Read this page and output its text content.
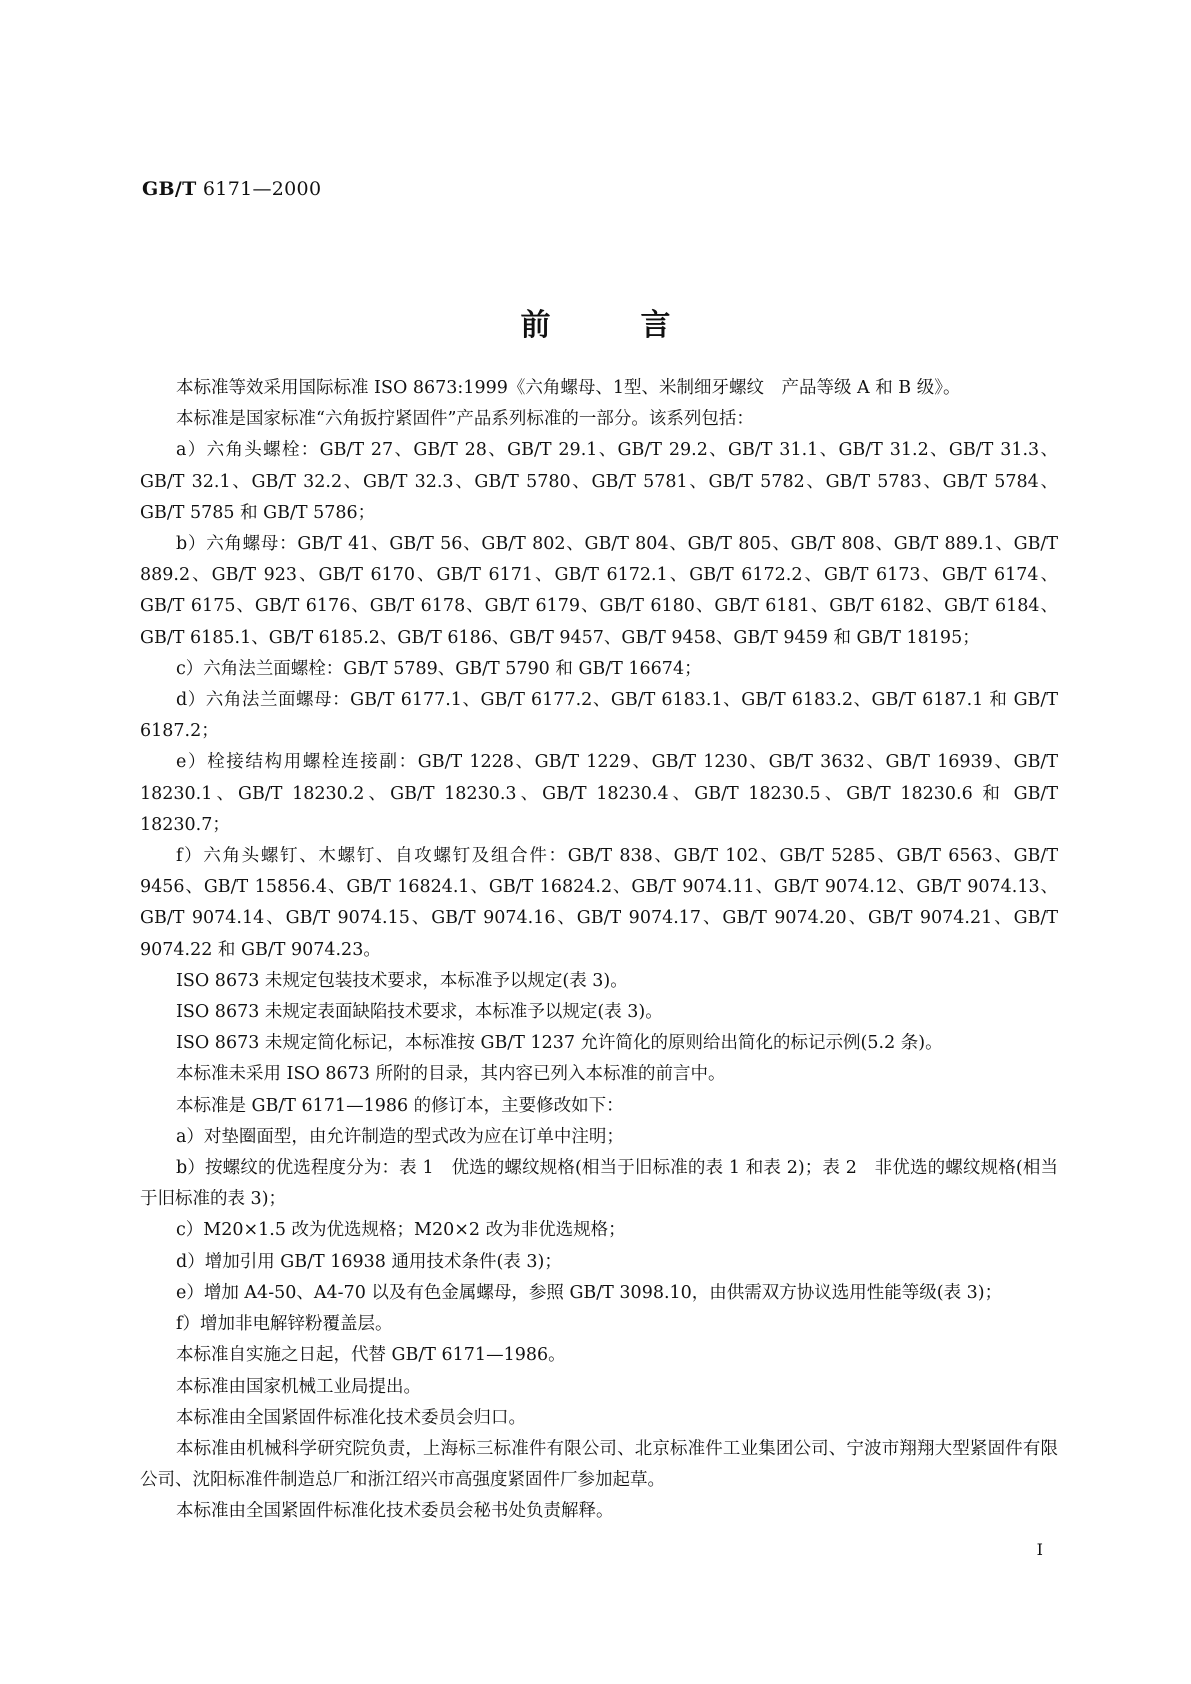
GB/T 6171—2000
前言

本标准等效采用国际标准 ISO 8673:1999《六角螺母、1型、米制细牙螺纹　产品等级 A 和 B 级》。

本标准是国家标准“六角扳拧紧固件”产品系列标准的一部分。该系列包括：

a）六角头螺栓：GB/T 27、GB/T 28、GB/T 29.1、GB/T 29.2、GB/T 31.1、GB/T 31.2、GB/T 31.3、GB/T 32.1、GB/T 32.2、GB/T 32.3、GB/T 5780、GB/T 5781、GB/T 5782、GB/T 5783、GB/T 5784、GB/T 5785 和 GB/T 5786；

b）六角螺母：GB/T 41、GB/T 56、GB/T 802、GB/T 804、GB/T 805、GB/T 808、GB/T 889.1、GB/T 889.2、GB/T 923、GB/T 6170、GB/T 6171、GB/T 6172.1、GB/T 6172.2、GB/T 6173、GB/T 6174、GB/T 6175、GB/T 6176、GB/T 6178、GB/T 6179、GB/T 6180、GB/T 6181、GB/T 6182、GB/T 6184、GB/T 6185.1、GB/T 6185.2、GB/T 6186、GB/T 9457、GB/T 9458、GB/T 9459 和 GB/T 18195；

c）六角法兰面螺栓：GB/T 5789、GB/T 5790 和 GB/T 16674；

d）六角法兰面螺母：GB/T 6177.1、GB/T 6177.2、GB/T 6183.1、GB/T 6183.2、GB/T 6187.1 和 GB/T 6187.2；

e）栓接结构用螺栓连接副：GB/T 1228、GB/T 1229、GB/T 1230、GB/T 3632、GB/T 16939、GB/T 18230.1、GB/T 18230.2、GB/T 18230.3、GB/T 18230.4、GB/T 18230.5、GB/T 18230.6 和 GB/T 18230.7；

f）六角头螺钉、木螺钉、自攻螺钉及组合件：GB/T 838、GB/T 102、GB/T 5285、GB/T 6563、GB/T 9456、GB/T 15856.4、GB/T 16824.1、GB/T 16824.2、GB/T 9074.11、GB/T 9074.12、GB/T 9074.13、GB/T 9074.14、GB/T 9074.15、GB/T 9074.16、GB/T 9074.17、GB/T 9074.20、GB/T 9074.21、GB/T 9074.22 和 GB/T 9074.23。

ISO 8673 未规定包装技术要求，本标准予以规定(表 3)。

ISO 8673 未规定表面缺陷技术要求，本标准予以规定(表 3)。

ISO 8673 未规定简化标记，本标准按 GB/T 1237 允许简化的原则给出简化的标记示例(5.2 条)。

本标准未采用 ISO 8673 所附的目录，其内容已列入本标准的前言中。

本标准是 GB/T 6171—1986 的修订本，主要修改如下：

a）对垫圈面型，由允许制造的型式改为应在订单中注明；

b）按螺纹的优选程度分为：表 1　优选的螺纹规格(相当于旧标准的表 1 和表 2)；表 2　非优选的螺纹规格(相当于旧标准的表 3)；

c）M20×1.5 改为优选规格；M20×2 改为非优选规格；

d）增加引用 GB/T 16938 通用技术条件(表 3)；

e）增加 A4-50、A4-70 以及有色金属螺母，参照 GB/T 3098.10，由供需双方协议选用性能等级(表 3)；

f）增加非电解锌粉覆盖层。

本标准自实施之日起，代替 GB/T 6171—1986。

本标准由国家机械工业局提出。

本标准由全国紧固件标准化技术委员会归口。

本标准由机械科学研究院负责，上海标三标准件有限公司、北京标准件工业集团公司、宁波市翔翔大型紧固件有限公司、沈阳标准件制造总厂和浙江绍兴市高强度紧固件厂参加起草。

本标准由全国紧固件标准化技术委员会秘书处负责解释。

I
